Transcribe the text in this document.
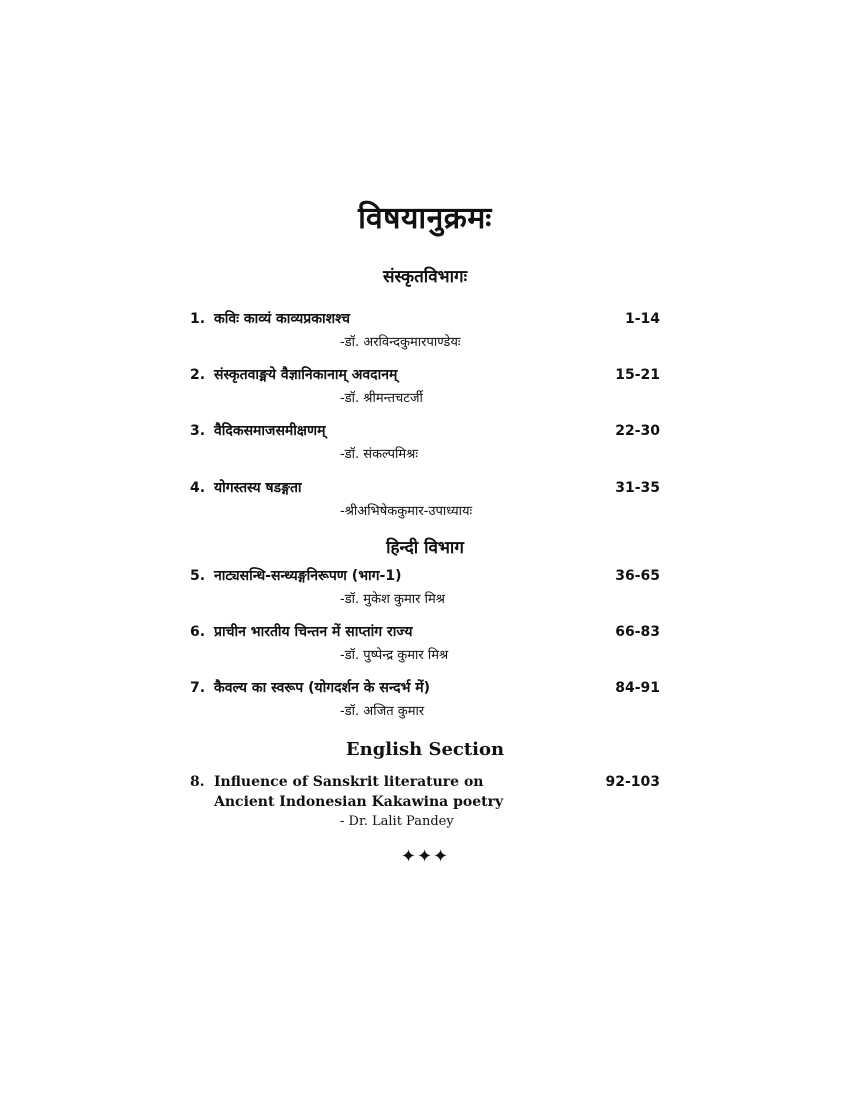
विषयानुक्रमः
संस्कृतविभागः
1. कविः काव्यं काव्यप्रकाशश्च	1-14
-डॉ. अरविन्दकुमारपाण्डेयः
2. संस्कृतवाङ्मये वैज्ञानिकानाम् अवदानम्	15-21
-डॉ. श्रीमन्तचटर्जी
3. वैदिकसमाजसमीक्षणम्	22-30
-डॉ. संकल्पमिश्रः
4. योगस्तस्य षडङ्गता	31-35
-श्रीअभिषेककुमार-उपाध्यायः
हिन्दी विभाग
5. नाट्यसन्धि-सन्ध्यङ्गनिरूपण (भाग-1)	36-65
-डॉ. मुकेश कुमार मिश्र
6. प्राचीन भारतीय चिन्तन में साप्तांग राज्य	66-83
-डॉ. पुष्पेन्द्र कुमार मिश्र
7. कैवल्य का स्वरूप (योगदर्शन के सन्दर्भ में)	84-91
-डॉ. अजित कुमार
English Section
8. Influence of Sanskrit literature on	92-103
Ancient Indonesian Kakawina poetry
- Dr. Lalit Pandey
✦✦✦
